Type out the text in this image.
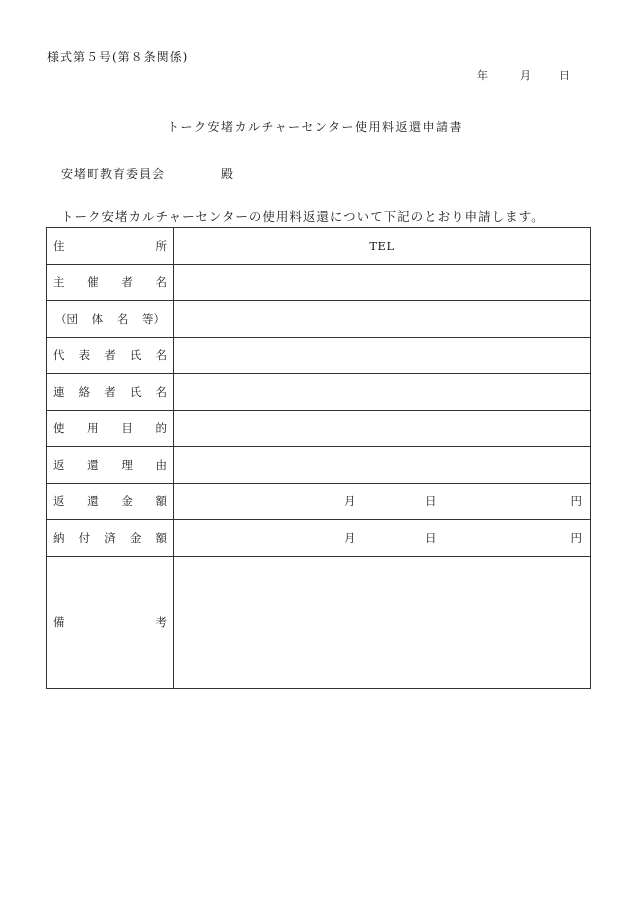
様式第５号(第８条関係)
年	月	日
トーク安堵カルチャーセンター使用料返還申請書
安堵町教育委員会	殿
トーク安堵カルチャーセンターの使用料返還について下記のとおり申請します。
住 所	TEL

主 催 者 名	

（団 体 名 等）	

代 表 者 氏 名	

連 絡 者 氏 名	

使 用 目 的	

返 還 理 由	

返 還 金 額	月 日 円

納 付 済 金 額	月 日 円

備 考	
